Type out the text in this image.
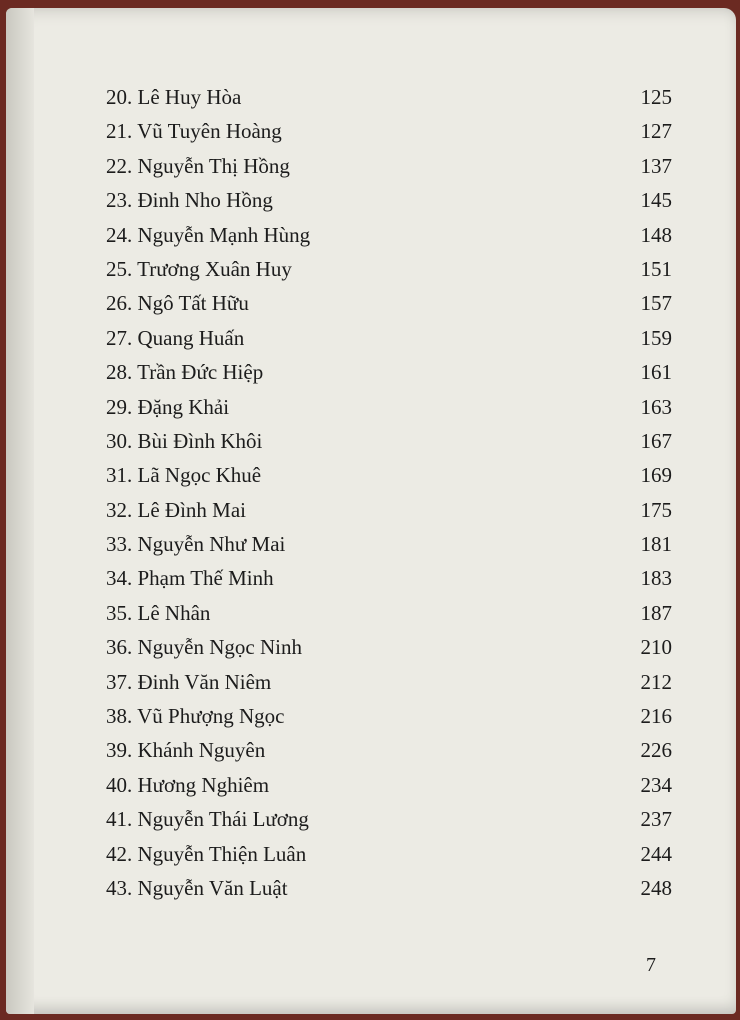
20. Lê Huy Hòa	125
21. Vũ Tuyên Hoàng	127
22. Nguyễn Thị Hồng	137
23. Đinh Nho Hồng	145
24. Nguyễn Mạnh Hùng	148
25. Trương Xuân Huy	151
26. Ngô Tất Hữu	157
27. Quang Huấn	159
28. Trần Đức Hiệp	161
29. Đặng Khải	163
30. Bùi Đình Khôi	167
31. Lã Ngọc Khuê	169
32. Lê Đình Mai	175
33. Nguyễn Như Mai	181
34. Phạm Thế Minh	183
35. Lê Nhân	187
36. Nguyễn Ngọc Ninh	210
37. Đinh Văn Niêm	212
38. Vũ Phượng Ngọc	216
39. Khánh Nguyên	226
40. Hương Nghiêm	234
41. Nguyễn Thái Lương	237
42. Nguyễn Thiện Luân	244
43. Nguyễn Văn Luật	248
7
